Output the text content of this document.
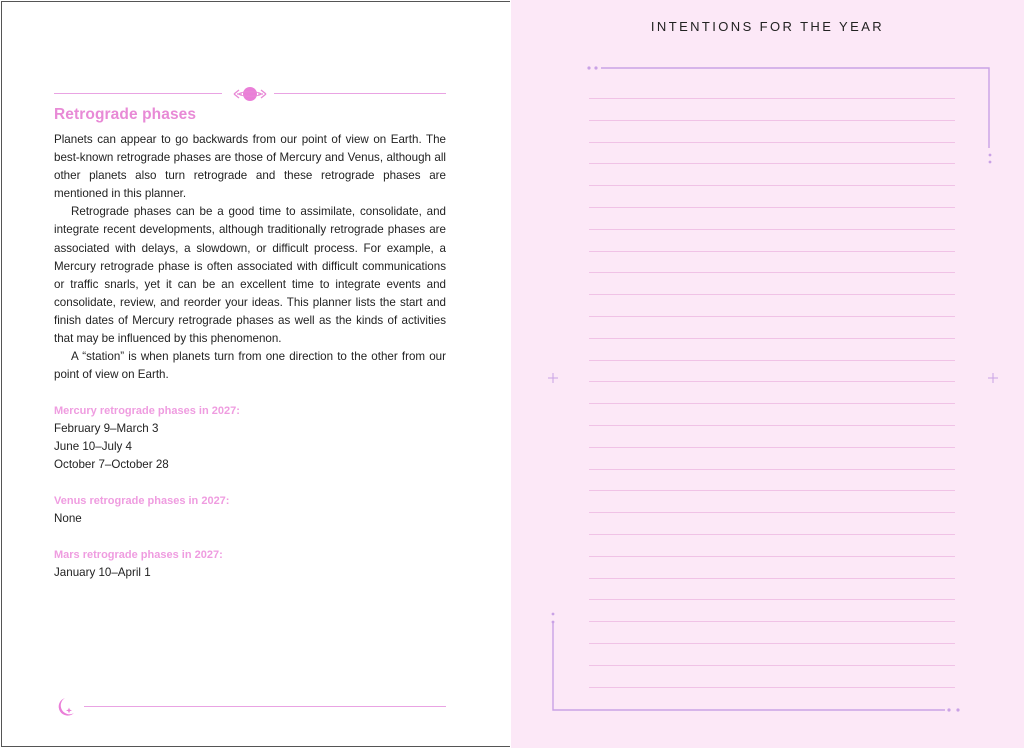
Retrograde phases

Planets can appear to go backwards from our point of view on Earth. The best-known retrograde phases are those of Mercury and Venus, although all other planets also turn retrograde and these retrograde phases are mentioned in this planner.

Retrograde phases can be a good time to assimilate, consolidate, and integrate recent developments, although traditionally retrograde phases are associated with delays, a slowdown, or difficult process. For example, a Mercury retrograde phase is often associated with difficult communications or traffic snarls, yet it can be an excellent time to integrate events and consolidate, review, and reorder your ideas. This planner lists the start and finish dates of Mercury retrograde phases as well as the kinds of activities that may be influenced by this phenomenon.

A “station” is when planets turn from one direction to the other from our point of view on Earth.

Mercury retrograde phases in 2027:
February 9–March 3
June 10–July 4
October 7–October 28
Venus retrograde phases in 2027:
None
Mars retrograde phases in 2027:
January 10–April 1
INTENTIONS FOR THE YEAR
